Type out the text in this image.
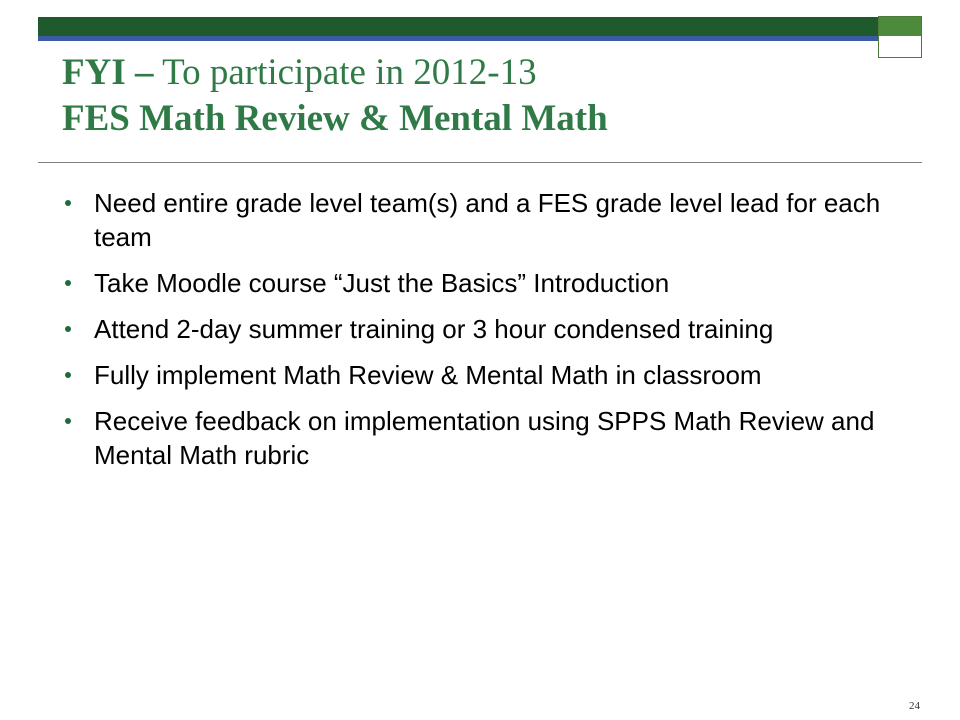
FYI – To participate in 2012-13
FES Math Review & Mental Math
Need entire grade level team(s) and a FES grade level lead for each team
Take Moodle course “Just the Basics” Introduction
Attend 2-day summer training or 3 hour condensed training
Fully implement Math Review & Mental Math in classroom
Receive feedback on implementation using SPPS Math Review and Mental Math rubric
24
